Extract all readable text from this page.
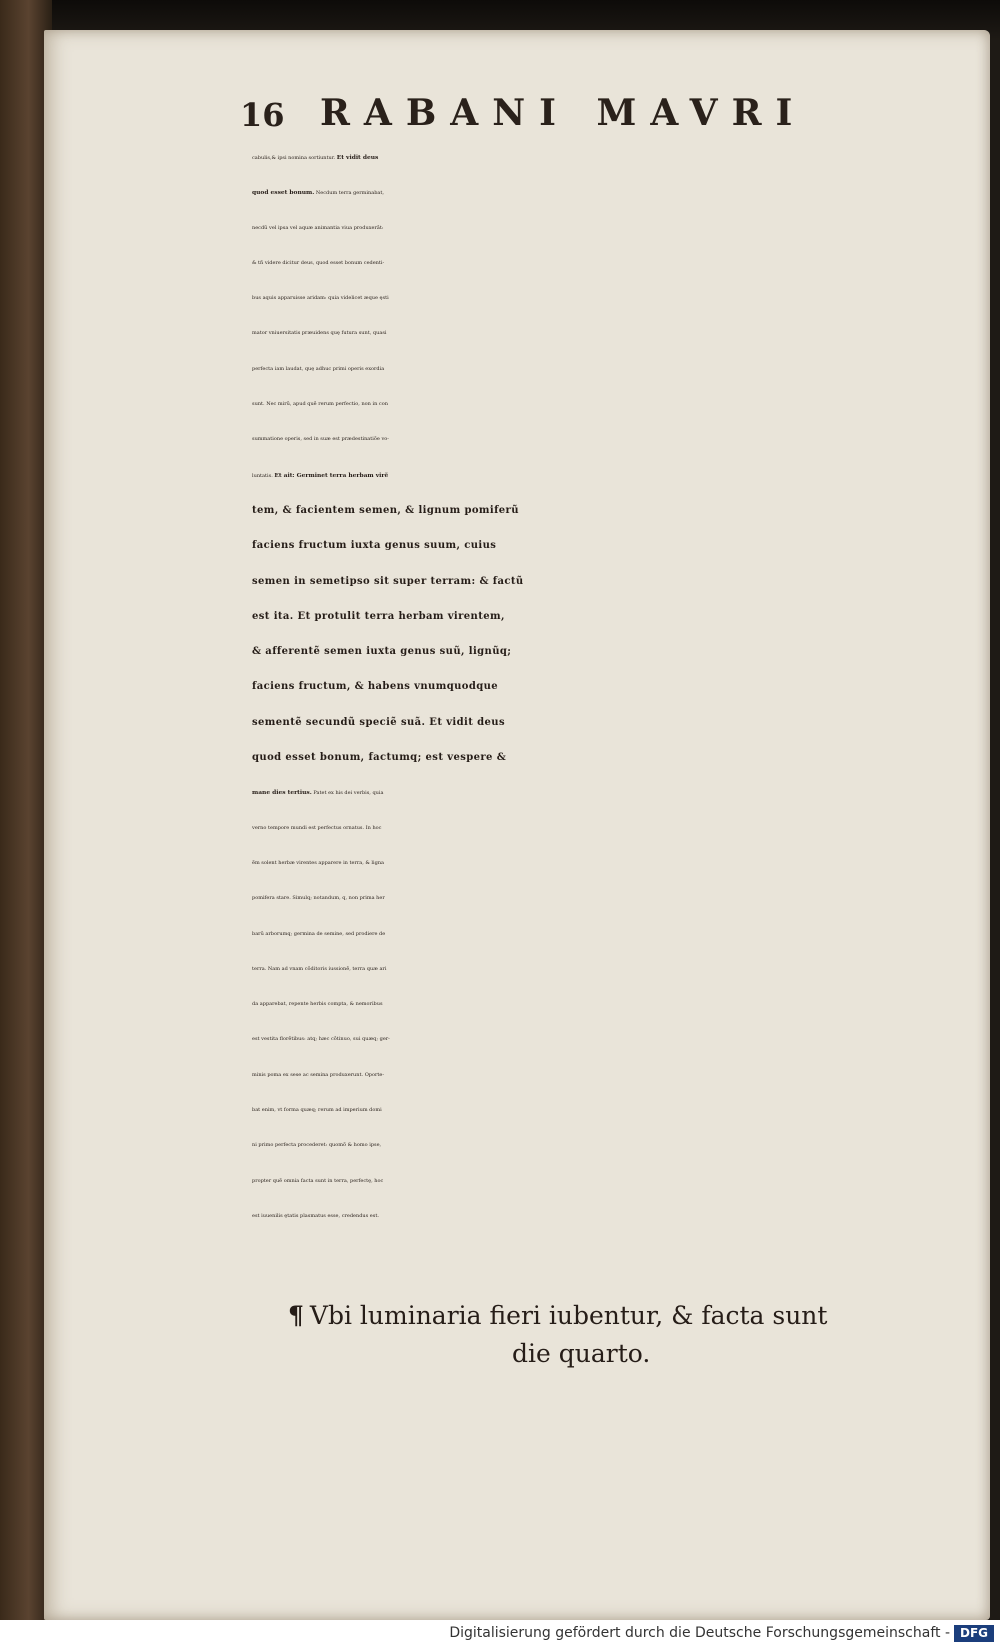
16 RABANI MAVRI
cabulis,& ipsi nomina sortiuntur. Et vidit deus
quod esset bonum. Necdum terra germinabat,
necdũ vel ipsa vel aquæ animantia viua produxerãt:
& tñ videre dicitur deus, quod esset bonum cedenti-
bus aquis apparuisse aridam: quia videlicet æque ęsti
mator vniuersitatis præuidens quę futura sunt, quasi
perfecta iam laudat, quę adhuc primi operis exordia
sunt. Nec mirũ, apud quẽ rerum perfectio, non in con
summatione operis, sed in suæ est prædestinatiõe vo-
luntatis. Et ait: Germinet terra herbam virẽ
tem, & facientem semen, & lignum pomiferũ
faciens fructum iuxta genus suum, cuius
semen in semetipso sit super terram: & factũ
est ita. Et protulit terra herbam virentem,
& afferentẽ semen iuxta genus suũ, lignũq;
faciens fructum, & habens vnumquodque
sementẽ secundũ speciẽ suã. Et vidit deus
quod esset bonum, factumq; est vespere &
mane dies tertius. Patet ex his dei verbis, quia
verno tempore mundi est perfectus ornatus. In hoc
ẽm solent herbæ virentes apparere in terra, & ligna
pomifera stare. Simulq; notandum, q, non prima her
barũ arborumq; germina de semine, sed prodiere de
terra. Nam ad vnam cõditoris iussionẽ, terra quæ ari
da apparebat, repente herbis compta, & nemoribus
est vestita florẽtibus: atq; hæc cõtinuo, sui quæq; ger-
minis poma ex sese ac semina produxerunt. Oporte-
bat enim, vt forma quæq; rerum ad imperium domi
ni primo perfecta procederet: quomõ & homo ipse,
propter quẽ omnia facta sunt in terra, perfectę, hoc
est iuuenilis ętatis plasmatus esse, credendus est.
¶ Vbi luminaria fieri iubentur, & facta sunt
die quarto.
Digitalisierung gefördert durch die Deutsche Forschungsgemeinschaft - DFG
